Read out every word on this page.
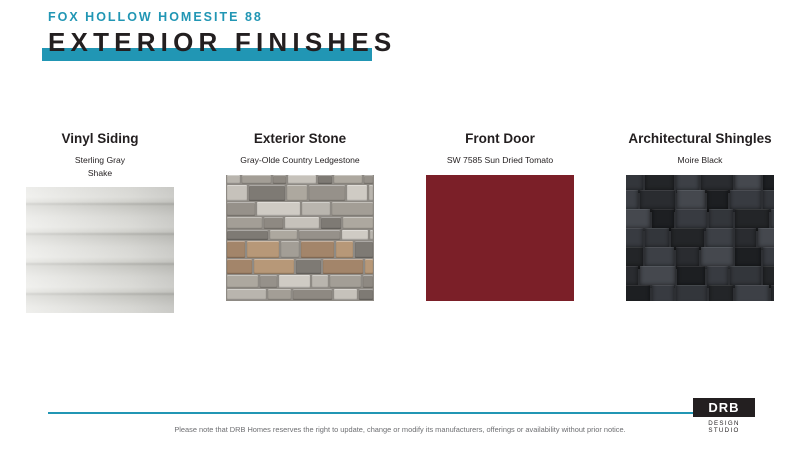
FOX HOLLOW HOMESITE 88
EXTERIOR FINISHES
Vinyl Siding
Sterling Gray
Shake
Exterior Stone
Gray-Olde Country Ledgestone
Front Door
SW 7585 Sun Dried Tomato
Architectural Shingles
Moire Black
Please note that DRB Homes reserves the right to update, change or modify its manufacturers, offerings or availability without prior notice.
DRB
DESIGN STUDIO
